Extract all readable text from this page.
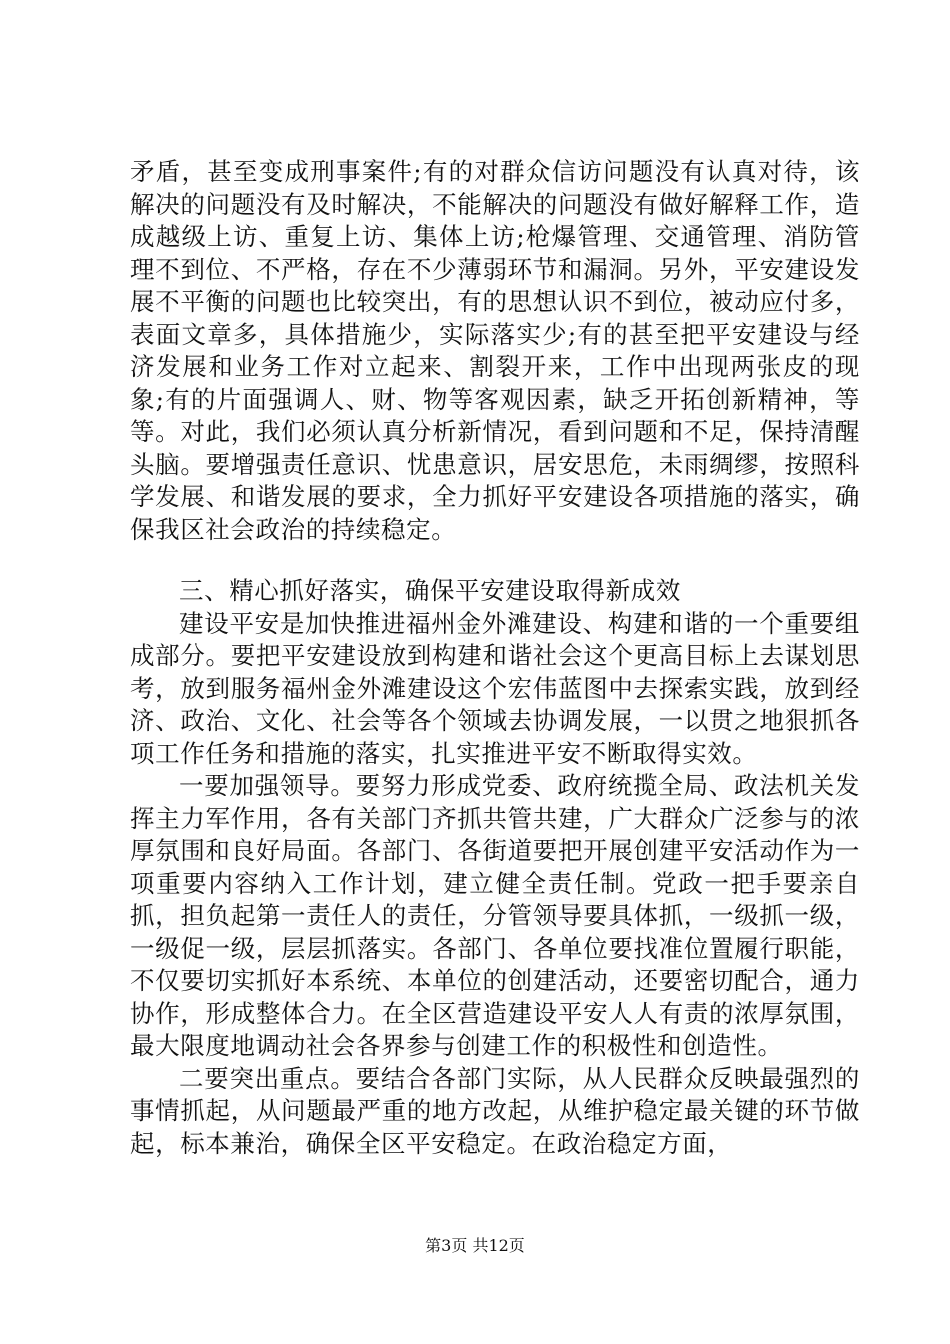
矛盾，甚至变成刑事案件;有的对群众信访问题没有认真对待，该解决的问题没有及时解决，不能解决的问题没有做好解释工作，造成越级上访、重复上访、集体上访;枪爆管理、交通管理、消防管理不到位、不严格，存在不少薄弱环节和漏洞。另外，平安建设发展不平衡的问题也比较突出，有的思想认识不到位，被动应付多，表面文章多，具体措施少，实际落实少;有的甚至把平安建设与经济发展和业务工作对立起来、割裂开来，工作中出现两张皮的现象;有的片面强调人、财、物等客观因素，缺乏开拓创新精神，等等。对此，我们必须认真分析新情况，看到问题和不足，保持清醒头脑。要增强责任意识、忧患意识，居安思危，未雨绸缪，按照科学发展、和谐发展的要求，全力抓好平安建设各项措施的落实，确保我区社会政治的持续稳定。

三、精心抓好落实，确保平安建设取得新成效

建设平安是加快推进福州金外滩建设、构建和谐的一个重要组成部分。要把平安建设放到构建和谐社会这个更高目标上去谋划思考，放到服务福州金外滩建设这个宏伟蓝图中去探索实践，放到经济、政治、文化、社会等各个领域去协调发展，一以贯之地狠抓各项工作任务和措施的落实，扎实推进平安不断取得实效。

一要加强领导。要努力形成党委、政府统揽全局、政法机关发挥主力军作用，各有关部门齐抓共管共建，广大群众广泛参与的浓厚氛围和良好局面。各部门、各街道要把开展创建平安活动作为一项重要内容纳入工作计划，建立健全责任制。党政一把手要亲自抓，担负起第一责任人的责任，分管领导要具体抓，一级抓一级，一级促一级，层层抓落实。各部门、各单位要找准位置履行职能，不仅要切实抓好本系统、本单位的创建活动，还要密切配合，通力协作，形成整体合力。在全区营造建设平安人人有责的浓厚氛围，最大限度地调动社会各界参与创建工作的积极性和创造性。

二要突出重点。要结合各部门实际，从人民群众反映最强烈的事情抓起，从问题最严重的地方改起，从维护稳定最关键的环节做起，标本兼治，确保全区平安稳定。在政治稳定方面，

第3页 共12页
